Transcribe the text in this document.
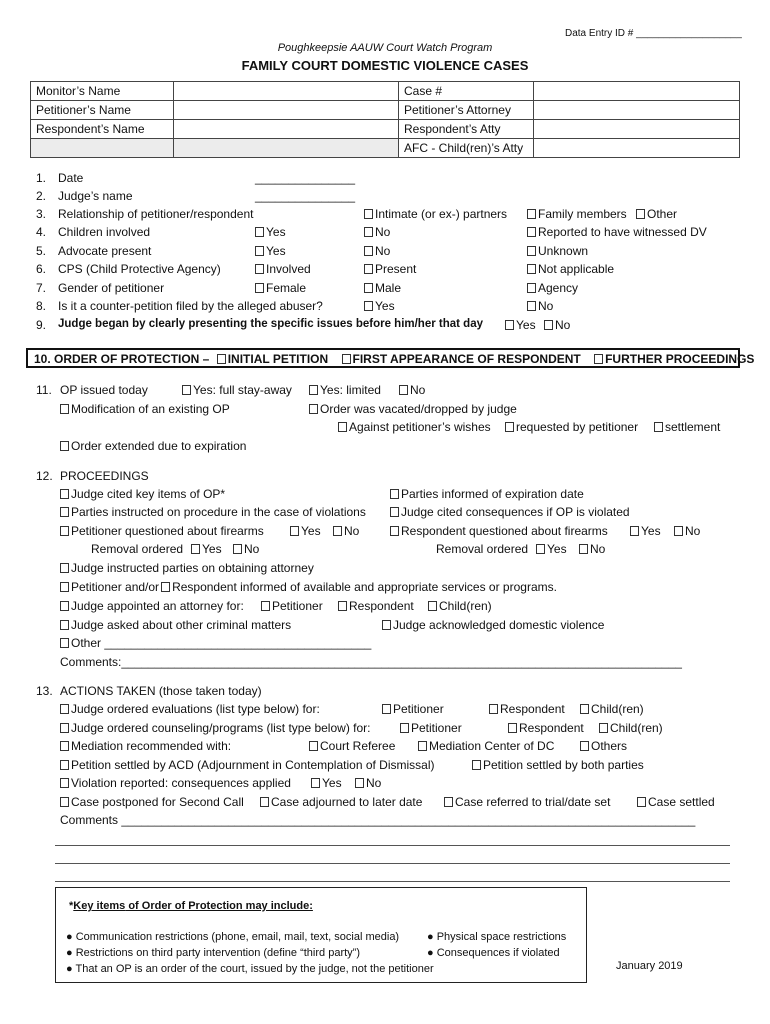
Data Entry ID # ___________________
Poughkeepsie AAUW Court Watch Program
FAMILY COURT DOMESTIC VIOLENCE CASES
Monitor’s Name		Case #	
Petitioner’s Name		Petitioner’s Attorney	
Respondent’s Name		Respondent’s Atty	
		AFC - Child(ren)’s Atty	
1. Date	_______________
2. Judge’s name	_______________
3. Relationship of petitioner/respondent	Intimate (or ex-) partners	Family members	Other
4. Children involved	Yes	No	Reported to have witnessed DV
5. Advocate present	Yes	No	Unknown
6. CPS (Child Protective Agency)	Involved	Present	Not applicable
7. Gender of petitioner	Female	Male	Agency
8. Is it a counter-petition filed by the alleged abuser?	Yes	No
9. Judge began by clearly presenting the specific issues before him/her that day	Yes	No
10. ORDER OF PROTECTION – INITIAL PETITION FIRST APPEARANCE OF RESPONDENT FURTHER PROCEEDINGS
11. OP issued today	Yes: full stay-away	Yes: limited	No
Modification of an existing OP	Order was vacated/dropped by judge
Against petitioner’s wishes	requested by petitioner	settlement
Order extended due to expiration
12. PROCEEDINGS
Judge cited key items of OP*	Parties informed of expiration date
Parties instructed on procedure in the case of violations	Judge cited consequences if OP is violated
Petitioner questioned about firearms	Yes	No	Respondent questioned about firearms	Yes	No
Removal ordered	Yes	No	Removal ordered	Yes	No
Judge instructed parties on obtaining attorney
Petitioner and/or Respondent informed of available and appropriate services or programs.
Judge appointed an attorney for:	Petitioner	Respondent	Child(ren)
Judge asked about other criminal matters	Judge acknowledged domestic violence
Other ________________________________________
Comments:____________________________________________________________________________________
13. ACTIONS TAKEN (those taken today)
Judge ordered evaluations (list type below) for:	Petitioner	Respondent	Child(ren)
Judge ordered counseling/programs (list type below) for:	Petitioner	Respondent	Child(ren)
Mediation recommended with:	Court Referee	Mediation Center of DC	Others
Petition settled by ACD (Adjournment in Contemplation of Dismissal)	Petition settled by both parties
Violation reported: consequences applied	Yes	No
Case postponed for Second Call	Case adjourned to later date	Case referred to trial/date set	Case settled
Comments ______________________________________________________________________________________
*Key items of Order of Protection may include:
● Communication restrictions (phone, email, mail, text, social media)	● Physical space restrictions
● Restrictions on third party intervention (define “third party”)	● Consequences if violated
● That an OP is an order of the court, issued by the judge, not the petitioner	January 2019
